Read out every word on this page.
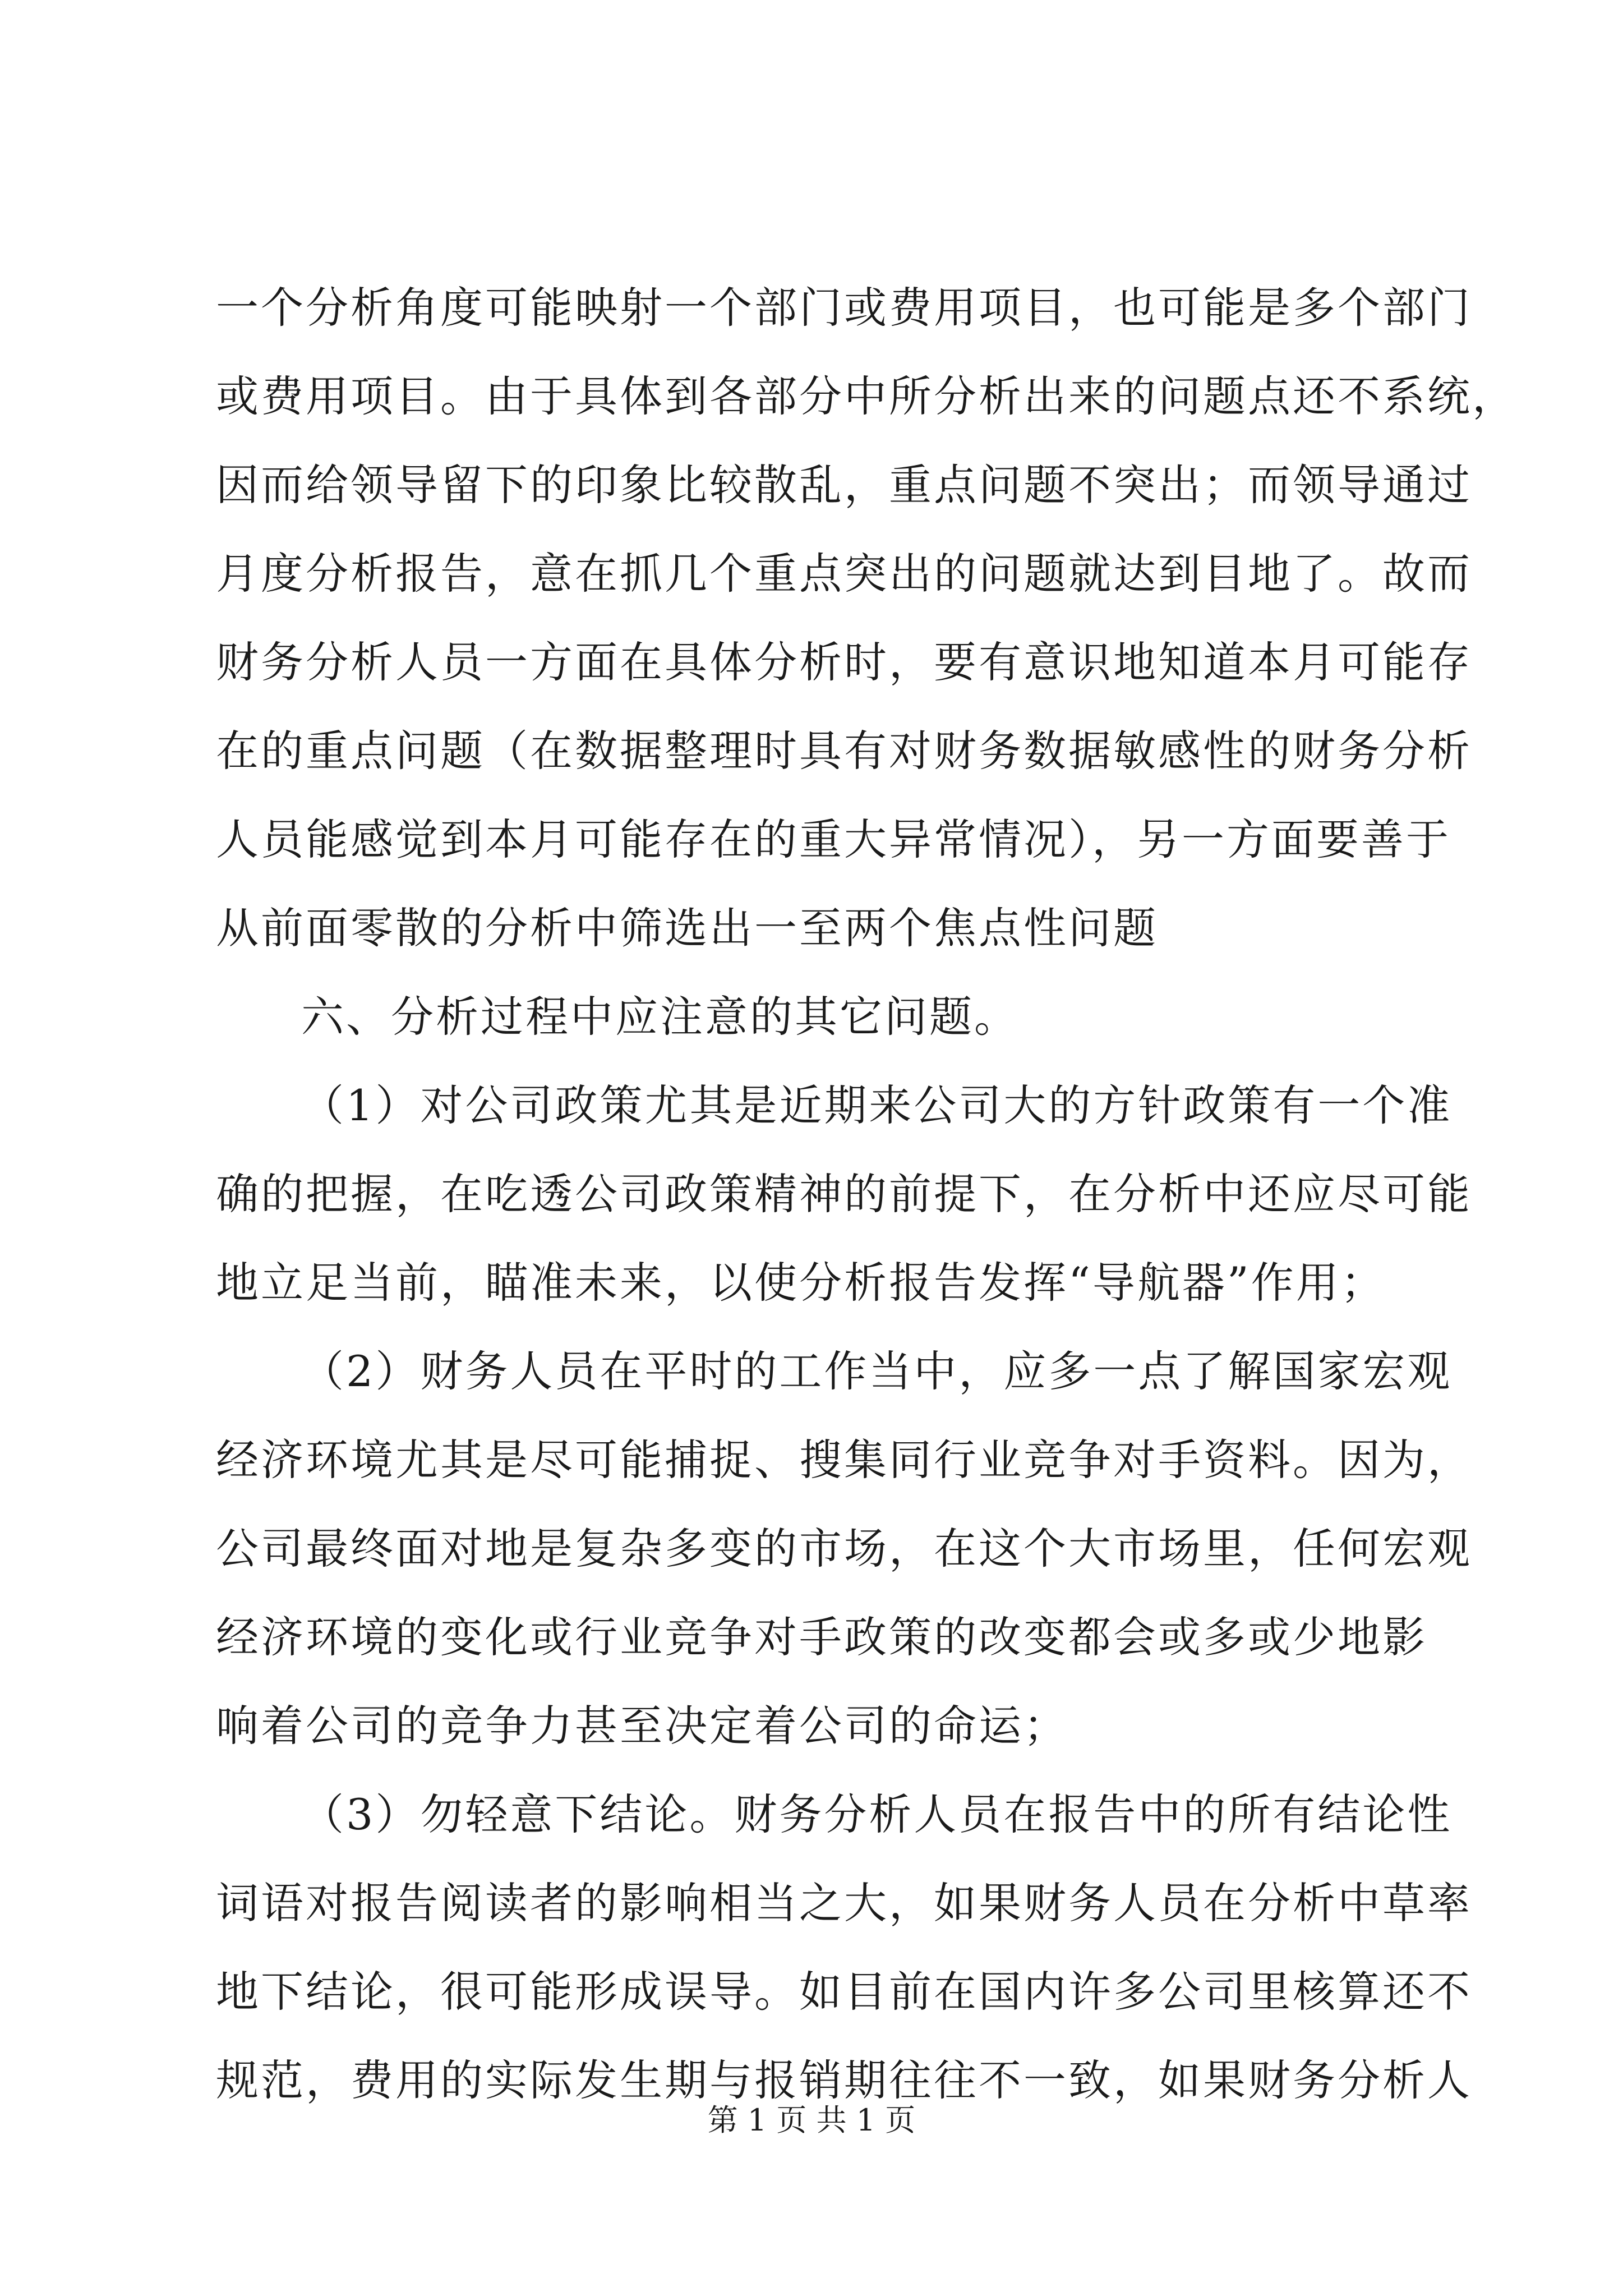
一个分析角度可能映射一个部门或费用项目，也可能是多个部门
或费用项目。由于具体到各部分中所分析出来的问题点还不系统，
因而给领导留下的印象比较散乱，重点问题不突出；而领导通过
月度分析报告，意在抓几个重点突出的问题就达到目地了。故而
财务分析人员一方面在具体分析时，要有意识地知道本月可能存
在的重点问题（在数据整理时具有对财务数据敏感性的财务分析
人员能感觉到本月可能存在的重大异常情况），另一方面要善于
从前面零散的分析中筛选出一至两个焦点性问题
六、分析过程中应注意的其它问题。
（1）对公司政策尤其是近期来公司大的方针政策有一个准
确的把握，在吃透公司政策精神的前提下，在分析中还应尽可能
地立足当前，瞄准未来，以使分析报告发挥“导航器”作用；
（2）财务人员在平时的工作当中，应多一点了解国家宏观
经济环境尤其是尽可能捕捉、搜集同行业竞争对手资料。因为，
公司最终面对地是复杂多变的市场，在这个大市场里，任何宏观
经济环境的变化或行业竞争对手政策的改变都会或多或少地影
响着公司的竞争力甚至决定着公司的命运；
（3）勿轻意下结论。财务分析人员在报告中的所有结论性
词语对报告阅读者的影响相当之大，如果财务人员在分析中草率
地下结论，很可能形成误导。如目前在国内许多公司里核算还不
规范，费用的实际发生期与报销期往往不一致，如果财务分析人
第 1 页 共 1 页
